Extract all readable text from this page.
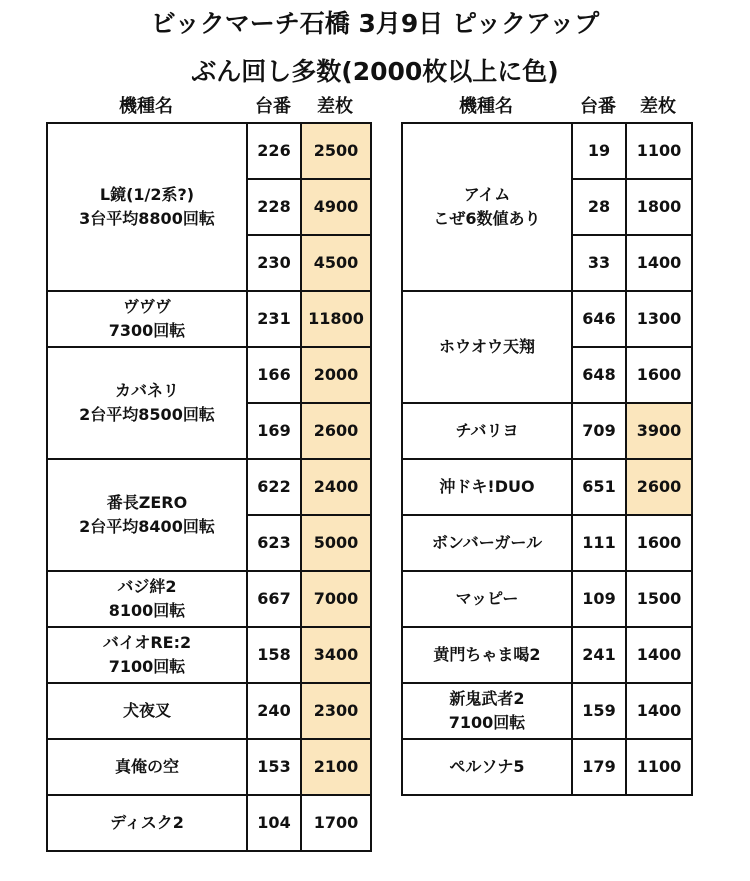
ビックマーチ石橋 3月9日 ピックアップ
ぶん回し多数(2000枚以上に色)
機種名	台番	差枚	機種名	台番	差枚
L鏡(1/2系?)
3台平均8800回転	226	2500
	228	4900
	230	4500
ヴヴヴ
7300回転	231	11800
カバネリ
2台平均8500回転	166	2000
	169	2600
番長ZERO
2台平均8400回転	622	2400
	623	5000
バジ絆2
8100回転	667	7000
バイオRE:2
7100回転	158	3400
犬夜叉	240	2300
真俺の空	153	2100
ディスク2	104	1700
アイム
こぜ6数値あり	19	1100
	28	1800
	33	1400
ホウオウ天翔	646	1300
	648	1600
チバリヨ	709	3900
沖ドキ!DUO	651	2600
ボンバーガール	111	1600
マッピー	109	1500
黄門ちゃま喝2	241	1400
新鬼武者2
7100回転	159	1400
ペルソナ5	179	1100
